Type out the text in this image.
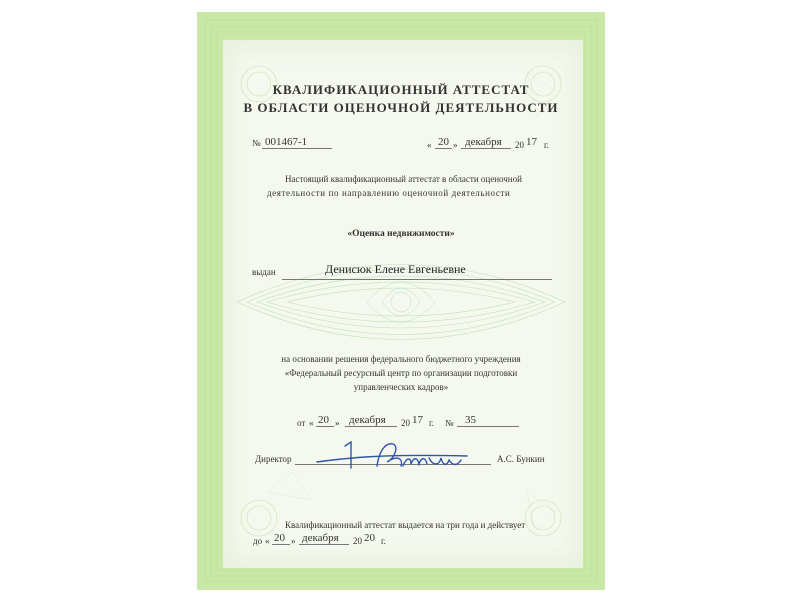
КВАЛИФИКАЦИОННЫЙ АТТЕСТАТ
В ОБЛАСТИ ОЦЕНОЧНОЙ ДЕЯТЕЛЬНОСТИ
№ 001467-1	« 20 » декабря 20 17 г.
Настоящий квалификационный аттестат в области оценочной
деятельности по направлению оценочной деятельности
«Оценка недвижимости»
выдан	Денисюк Елене Евгеньевне
на основании решения федерального бюджетного учреждения
«Федеральный ресурсный центр по организации подготовки
управленческих кадров»
от « 20 » декабря 20 17 г. № 35
Директор	А.С. Бункин
Квалификационный аттестат выдается на три года и действует
до « 20 » декабря 20 20 г.
